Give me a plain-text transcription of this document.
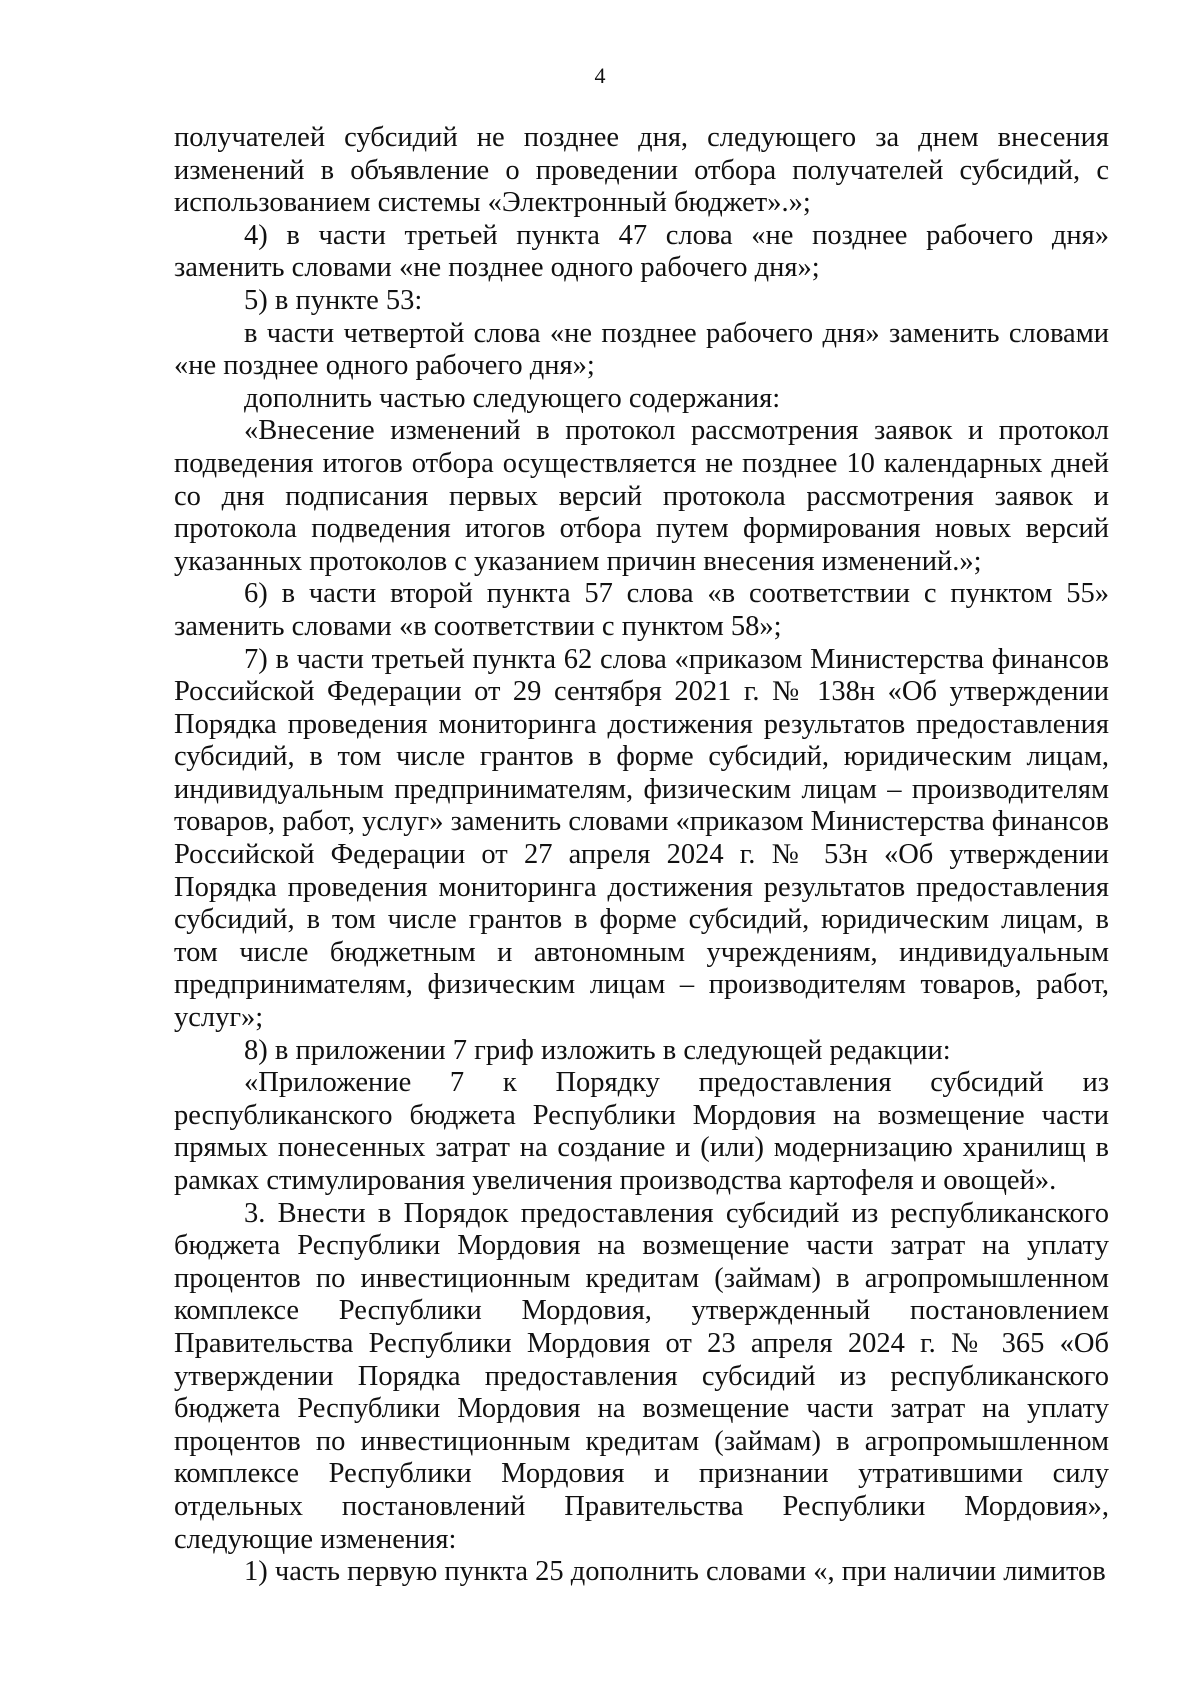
4

получателей субсидий не позднее дня, следующего за днем внесения изменений в объявление о проведении отбора получателей субсидий, с использованием системы «Электронный бюджет».»;

4) в части третьей пункта 47 слова «не позднее рабочего дня» заменить словами «не позднее одного рабочего дня»;

5) в пункте 53:

в части четвертой слова «не позднее рабочего дня» заменить словами «не позднее одного рабочего дня»;

дополнить частью следующего содержания:

«Внесение изменений в протокол рассмотрения заявок и протокол подведения итогов отбора осуществляется не позднее 10 календарных дней со дня подписания первых версий протокола рассмотрения заявок и протокола подведения итогов отбора путем формирования новых версий указанных протоколов с указанием причин внесения изменений.»;

6) в части второй пункта 57 слова «в соответствии с пунктом 55» заменить словами «в соответствии с пунктом 58»;

7) в части третьей пункта 62 слова «приказом Министерства финансов Российской Федерации от 29 сентября 2021 г. № 138н «Об утверждении Порядка проведения мониторинга достижения результатов предоставления субсидий, в том числе грантов в форме субсидий, юридическим лицам, индивидуальным предпринимателям, физическим лицам – производителям товаров, работ, услуг» заменить словами «приказом Министерства финансов Российской Федерации от 27 апреля 2024 г. № 53н «Об утверждении Порядка проведения мониторинга достижения результатов предоставления субсидий, в том числе грантов в форме субсидий, юридическим лицам, в том числе бюджетным и автономным учреждениям, индивидуальным предпринимателям, физическим лицам – производителям товаров, работ, услуг»;

8) в приложении 7 гриф изложить в следующей редакции:

«Приложение 7 к Порядку предоставления субсидий из республиканского бюджета Республики Мордовия на возмещение части прямых понесенных затрат на создание и (или) модернизацию хранилищ в рамках стимулирования увеличения производства картофеля и овощей».

3. Внести в Порядок предоставления субсидий из республиканского бюджета Республики Мордовия на возмещение части затрат на уплату процентов по инвестиционным кредитам (займам) в агропромышленном комплексе Республики Мордовия, утвержденный постановлением Правительства Республики Мордовия от 23 апреля 2024 г. № 365 «Об утверждении Порядка предоставления субсидий из республиканского бюджета Республики Мордовия на возмещение части затрат на уплату процентов по инвестиционным кредитам (займам) в агропромышленном комплексе Республики Мордовия и признании утратившими силу отдельных постановлений Правительства Республики Мордовия», следующие изменения:

1) часть первую пункта 25 дополнить словами «, при наличии лимитов
